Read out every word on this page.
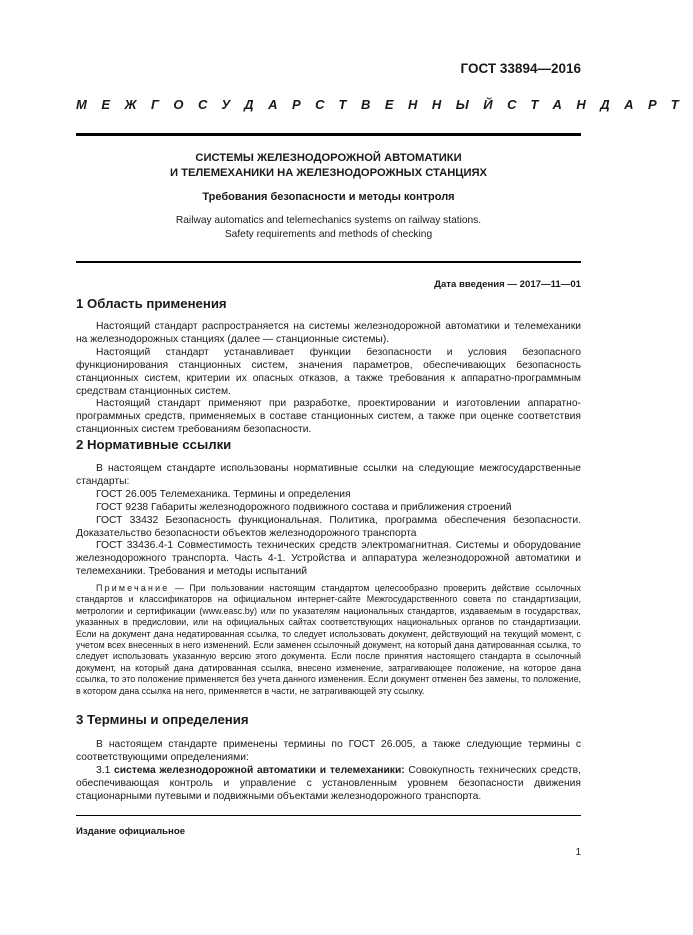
ГОСТ 33894—2016
МЕЖГОСУДАРСТВЕННЫЙ СТАНДАРТ
СИСТЕМЫ ЖЕЛЕЗНОДОРОЖНОЙ АВТОМАТИКИ
И ТЕЛЕМЕХАНИКИ НА ЖЕЛЕЗНОДОРОЖНЫХ СТАНЦИЯХ
Требования безопасности и методы контроля
Railway automatics and telemechanics systems on railway stations.
Safety requirements and methods of checking
Дата введения — 2017—11—01
1 Область применения

Настоящий стандарт распространяется на системы железнодорожной автоматики и телемеханики на железнодорожных станциях (далее — станционные системы).

Настоящий стандарт устанавливает функции безопасности и условия безопасного функционирования станционных систем, значения параметров, обеспечивающих безопасность станционных систем, критерии их опасных отказов, а также требования к аппаратно-программным средствам станционных систем.

Настоящий стандарт применяют при разработке, проектировании и изготовлении аппаратно-программных средств, применяемых в составе станционных систем, а также при оценке соответствия станционных систем требованиям безопасности.

2 Нормативные ссылки

В настоящем стандарте использованы нормативные ссылки на следующие межгосударственные стандарты:

ГОСТ 26.005 Телемеханика. Термины и определения

ГОСТ 9238 Габариты железнодорожного подвижного состава и приближения строений

ГОСТ 33432 Безопасность функциональная. Политика, программа обеспечения безопасности. Доказательство безопасности объектов железнодорожного транспорта

ГОСТ 33436.4-1 Совместимость технических средств электромагнитная. Системы и оборудование железнодорожного транспорта. Часть 4-1. Устройства и аппаратура железнодорожной автоматики и телемеханики. Требования и методы испытаний

Примечание — При пользовании настоящим стандартом целесообразно проверить действие ссылочных стандартов и классификаторов на официальном интернет-сайте Межгосударственного совета по стандартизации, метрологии и сертификации (www.easc.by) или по указателям национальных стандартов, издаваемым в государствах, указанных в предисловии, или на официальных сайтах соответствующих национальных органов по стандартизации. Если на документ дана недатированная ссылка, то следует использовать документ, действующий на текущий момент, с учетом всех внесенных в него изменений. Если заменен ссылочный документ, на который дана датированная ссылка, то следует использовать указанную версию этого документа. Если после принятия настоящего стандарта в ссылочный документ, на который дана датированная ссылка, внесено изменение, затрагивающее положение, на которое дана ссылка, то это положение применяется без учета данного изменения. Если документ отменен без замены, то положение, в котором дана ссылка на него, применяется в части, не затрагивающей эту ссылку.

3 Термины и определения

В настоящем стандарте применены термины по ГОСТ 26.005, а также следующие термины с соответствующими определениями:

3.1 система железнодорожной автоматики и телемеханики: Совокупность технических средств, обеспечивающая контроль и управление с установленным уровнем безопасности движения стационарными путевыми и подвижными объектами железнодорожного транспорта.

Издание официальное
1
